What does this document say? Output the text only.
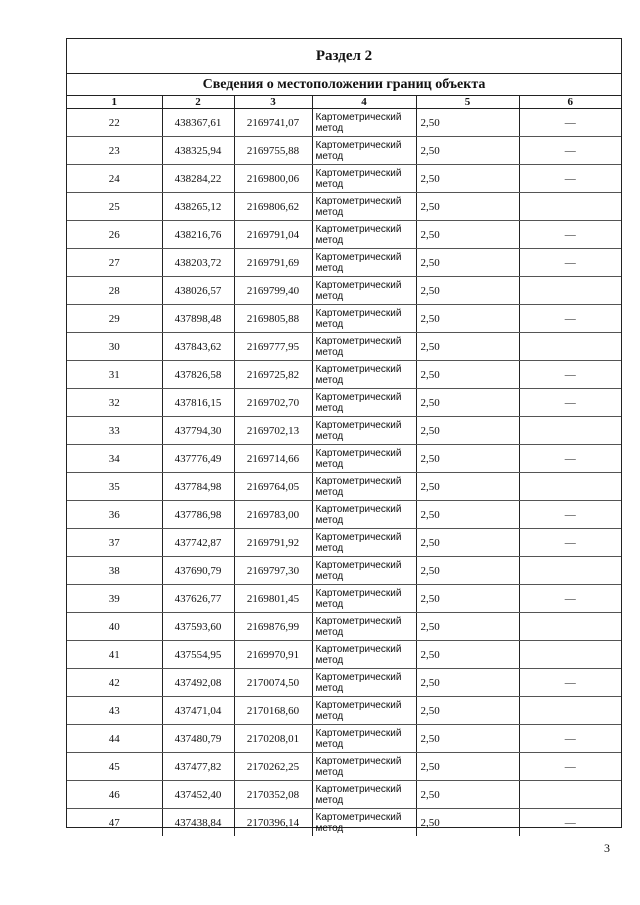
Раздел 2
Сведения о местоположении границ объекта
1	2	3	4	5	6
22	438367,61	2169741,07	Картометрический метод	2,50	—
23	438325,94	2169755,88	Картометрический метод	2,50	—
24	438284,22	2169800,06	Картометрический метод	2,50	—
25	438265,12	2169806,62	Картометрический метод	2,50	
26	438216,76	2169791,04	Картометрический метод	2,50	—
27	438203,72	2169791,69	Картометрический метод	2,50	—
28	438026,57	2169799,40	Картометрический метод	2,50	
29	437898,48	2169805,88	Картометрический метод	2,50	—
30	437843,62	2169777,95	Картометрический метод	2,50	
31	437826,58	2169725,82	Картометрический метод	2,50	—
32	437816,15	2169702,70	Картометрический метод	2,50	—
33	437794,30	2169702,13	Картометрический метод	2,50	
34	437776,49	2169714,66	Картометрический метод	2,50	—
35	437784,98	2169764,05	Картометрический метод	2,50	
36	437786,98	2169783,00	Картометрический метод	2,50	—
37	437742,87	2169791,92	Картометрический метод	2,50	—
38	437690,79	2169797,30	Картометрический метод	2,50	
39	437626,77	2169801,45	Картометрический метод	2,50	—
40	437593,60	2169876,99	Картометрический метод	2,50	
41	437554,95	2169970,91	Картометрический метод	2,50	
42	437492,08	2170074,50	Картометрический метод	2,50	—
43	437471,04	2170168,60	Картометрический метод	2,50	
44	437480,79	2170208,01	Картометрический метод	2,50	—
45	437477,82	2170262,25	Картометрический метод	2,50	—
46	437452,40	2170352,08	Картометрический метод	2,50	
47	437438,84	2170396,14	Картометрический метод	2,50	—
3
